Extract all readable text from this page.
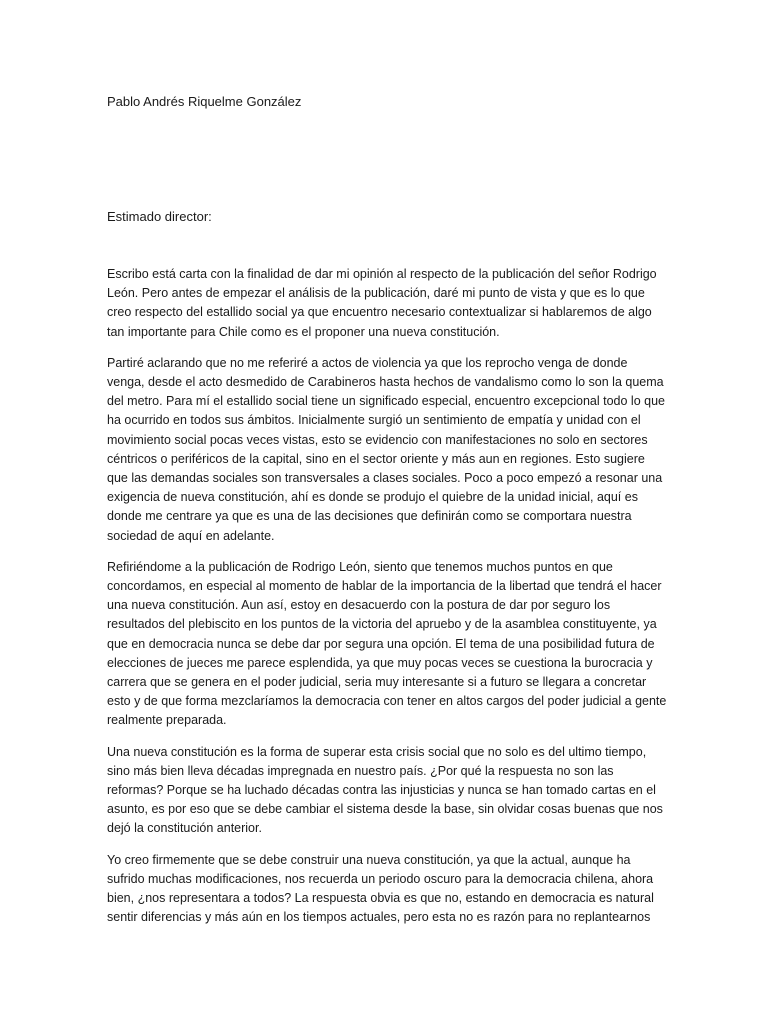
Pablo Andrés Riquelme González
Estimado director:

Escribo está carta con la finalidad de dar mi opinión al respecto de la publicación del señor Rodrigo León. Pero antes de empezar el análisis de la publicación, daré mi punto de vista y que es lo que creo respecto del estallido social ya que encuentro necesario contextualizar si hablaremos de algo tan importante para Chile como es el proponer una nueva constitución.

Partiré aclarando que no me referiré a actos de violencia ya que los reprocho venga de donde venga, desde el acto desmedido de Carabineros hasta hechos de vandalismo como lo son la quema del metro. Para mí el estallido social tiene un significado especial, encuentro excepcional todo lo que ha ocurrido en todos sus ámbitos. Inicialmente surgió un sentimiento de empatía y unidad con el movimiento social pocas veces vistas, esto se evidencio con manifestaciones no solo en sectores céntricos o periféricos de la capital, sino en el sector oriente y más aun en regiones. Esto sugiere que las demandas sociales son transversales a clases sociales. Poco a poco empezó a resonar una exigencia de nueva constitución, ahí es donde se produjo el quiebre de la unidad inicial, aquí es donde me centrare ya que es una de las decisiones que definirán como se comportara nuestra sociedad de aquí en adelante.

Refiriéndome a la publicación de Rodrigo León, siento que tenemos muchos puntos en que concordamos, en especial al momento de hablar de la importancia de la libertad que tendrá el hacer una nueva constitución. Aun así, estoy en desacuerdo con la postura de dar por seguro los resultados del plebiscito en los puntos de la victoria del apruebo y de la asamblea constituyente, ya que en democracia nunca se debe dar por segura una opción. El tema de una posibilidad futura de elecciones de jueces me parece esplendida, ya que muy pocas veces se cuestiona la burocracia y carrera que se genera en el poder judicial, seria muy interesante si a futuro se llegara a concretar esto y de que forma mezclaríamos la democracia con tener en altos cargos del poder judicial a gente realmente preparada.

Una nueva constitución es la forma de superar esta crisis social que no solo es del ultimo tiempo, sino más bien lleva décadas impregnada en nuestro país. ¿Por qué la respuesta no son las reformas? Porque se ha luchado décadas contra las injusticias y nunca se han tomado cartas en el asunto, es por eso que se debe cambiar el sistema desde la base, sin olvidar cosas buenas que nos dejó la constitución anterior.

Yo creo firmemente que se debe construir una nueva constitución, ya que la actual, aunque ha sufrido muchas modificaciones, nos recuerda un periodo oscuro para la democracia chilena, ahora bien, ¿nos representara a todos? La respuesta obvia es que no, estando en democracia es natural sentir diferencias y más aún en los tiempos actuales, pero esta no es razón para no replantearnos
